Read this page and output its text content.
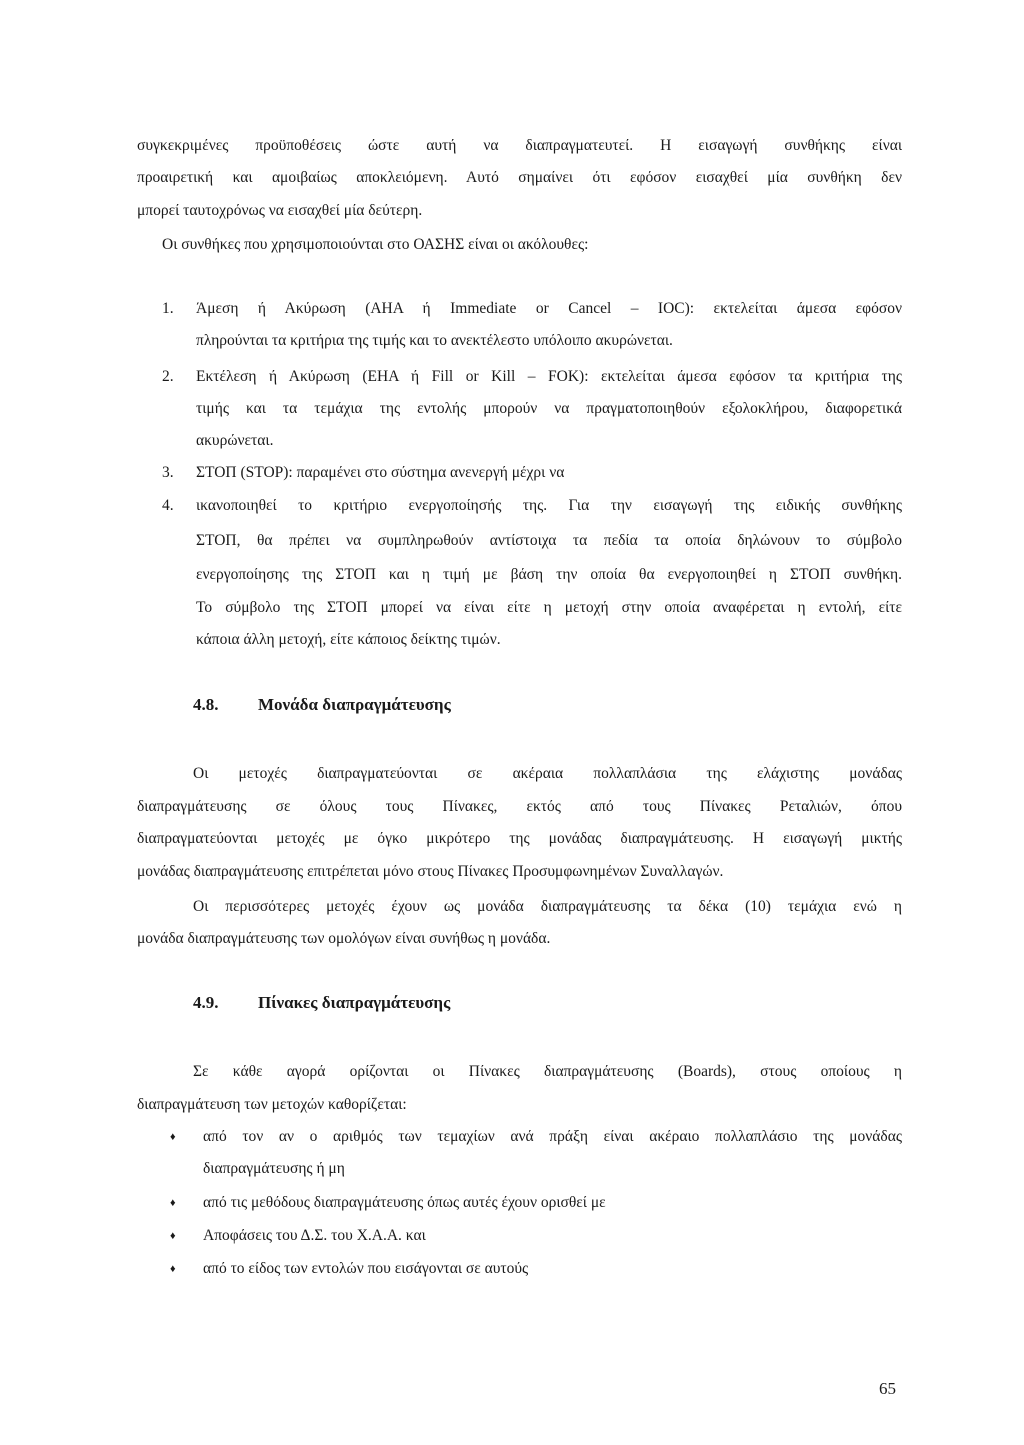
συγκεκριμένες προϋποθέσεις ώστε αυτή να διαπραγματευτεί. Η εισαγωγή συνθήκης είναι
προαιρετική και αμοιβαίως αποκλειόμενη. Αυτό σημαίνει ότι εφόσον εισαχθεί μία συνθήκη δεν
μπορεί ταυτοχρόνως να εισαχθεί μία δεύτερη.
Οι συνθήκες που χρησιμοποιούνται στο ΟΑΣΗΣ είναι οι ακόλουθες:
1. Άμεση ή Ακύρωση (ΑΗΑ ή Immediate or Cancel – IOC): εκτελείται άμεσα εφόσον
πληρούνται τα κριτήρια της τιμής και το ανεκτέλεστο υπόλοιπο ακυρώνεται.
2. Εκτέλεση ή Ακύρωση (ΕΗΑ ή Fill or Kill – FOK): εκτελείται άμεσα εφόσον τα κριτήρια της
τιμής και τα τεμάχια της εντολής μπορούν να πραγματοποιηθούν εξολοκλήρου, διαφορετικά
ακυρώνεται.
3. ΣΤΟΠ (STOP): παραμένει στο σύστημα ανενεργή μέχρι να
4. ικανοποιηθεί το κριτήριο ενεργοποίησής της. Για την εισαγωγή της ειδικής συνθήκης
ΣΤΟΠ, θα πρέπει να συμπληρωθούν αντίστοιχα τα πεδία τα οποία δηλώνουν το σύμβολο
ενεργοποίησης της ΣΤΟΠ και η τιμή με βάση την οποία θα ενεργοποιηθεί η ΣΤΟΠ συνθήκη.
Το σύμβολο της ΣΤΟΠ μπορεί να είναι είτε η μετοχή στην οποία αναφέρεται η εντολή, είτε
κάποια άλλη μετοχή, είτε κάποιος δείκτης τιμών.
4.8. Μονάδα διαπραγμάτευσης
Οι μετοχές διαπραγματεύονται σε ακέραια πολλαπλάσια της ελάχιστης μονάδας
διαπραγμάτευσης σε όλους τους Πίνακες, εκτός από τους Πίνακες Ρεταλιών, όπου
διαπραγματεύονται μετοχές με όγκο μικρότερο της μονάδας διαπραγμάτευσης. Η εισαγωγή μικτής
μονάδας διαπραγμάτευσης επιτρέπεται μόνο στους Πίνακες Προσυμφωνημένων Συναλλαγών.
Οι περισσότερες μετοχές έχουν ως μονάδα διαπραγμάτευσης τα δέκα (10) τεμάχια ενώ η
μονάδα διαπραγμάτευσης των ομολόγων είναι συνήθως η μονάδα.
4.9. Πίνακες διαπραγμάτευσης
Σε κάθε αγορά ορίζονται οι Πίνακες διαπραγμάτευσης (Boards), στους οποίους η
διαπραγμάτευση των μετοχών καθορίζεται:
♦ από τον αν ο αριθμός των τεμαχίων ανά πράξη είναι ακέραιο πολλαπλάσιο της μονάδας
διαπραγμάτευσης ή μη
♦ από τις μεθόδους διαπραγμάτευσης όπως αυτές έχουν ορισθεί με
♦ Αποφάσεις του Δ.Σ. του Χ.Α.Α. και
♦ από το είδος των εντολών που εισάγονται σε αυτούς
65
